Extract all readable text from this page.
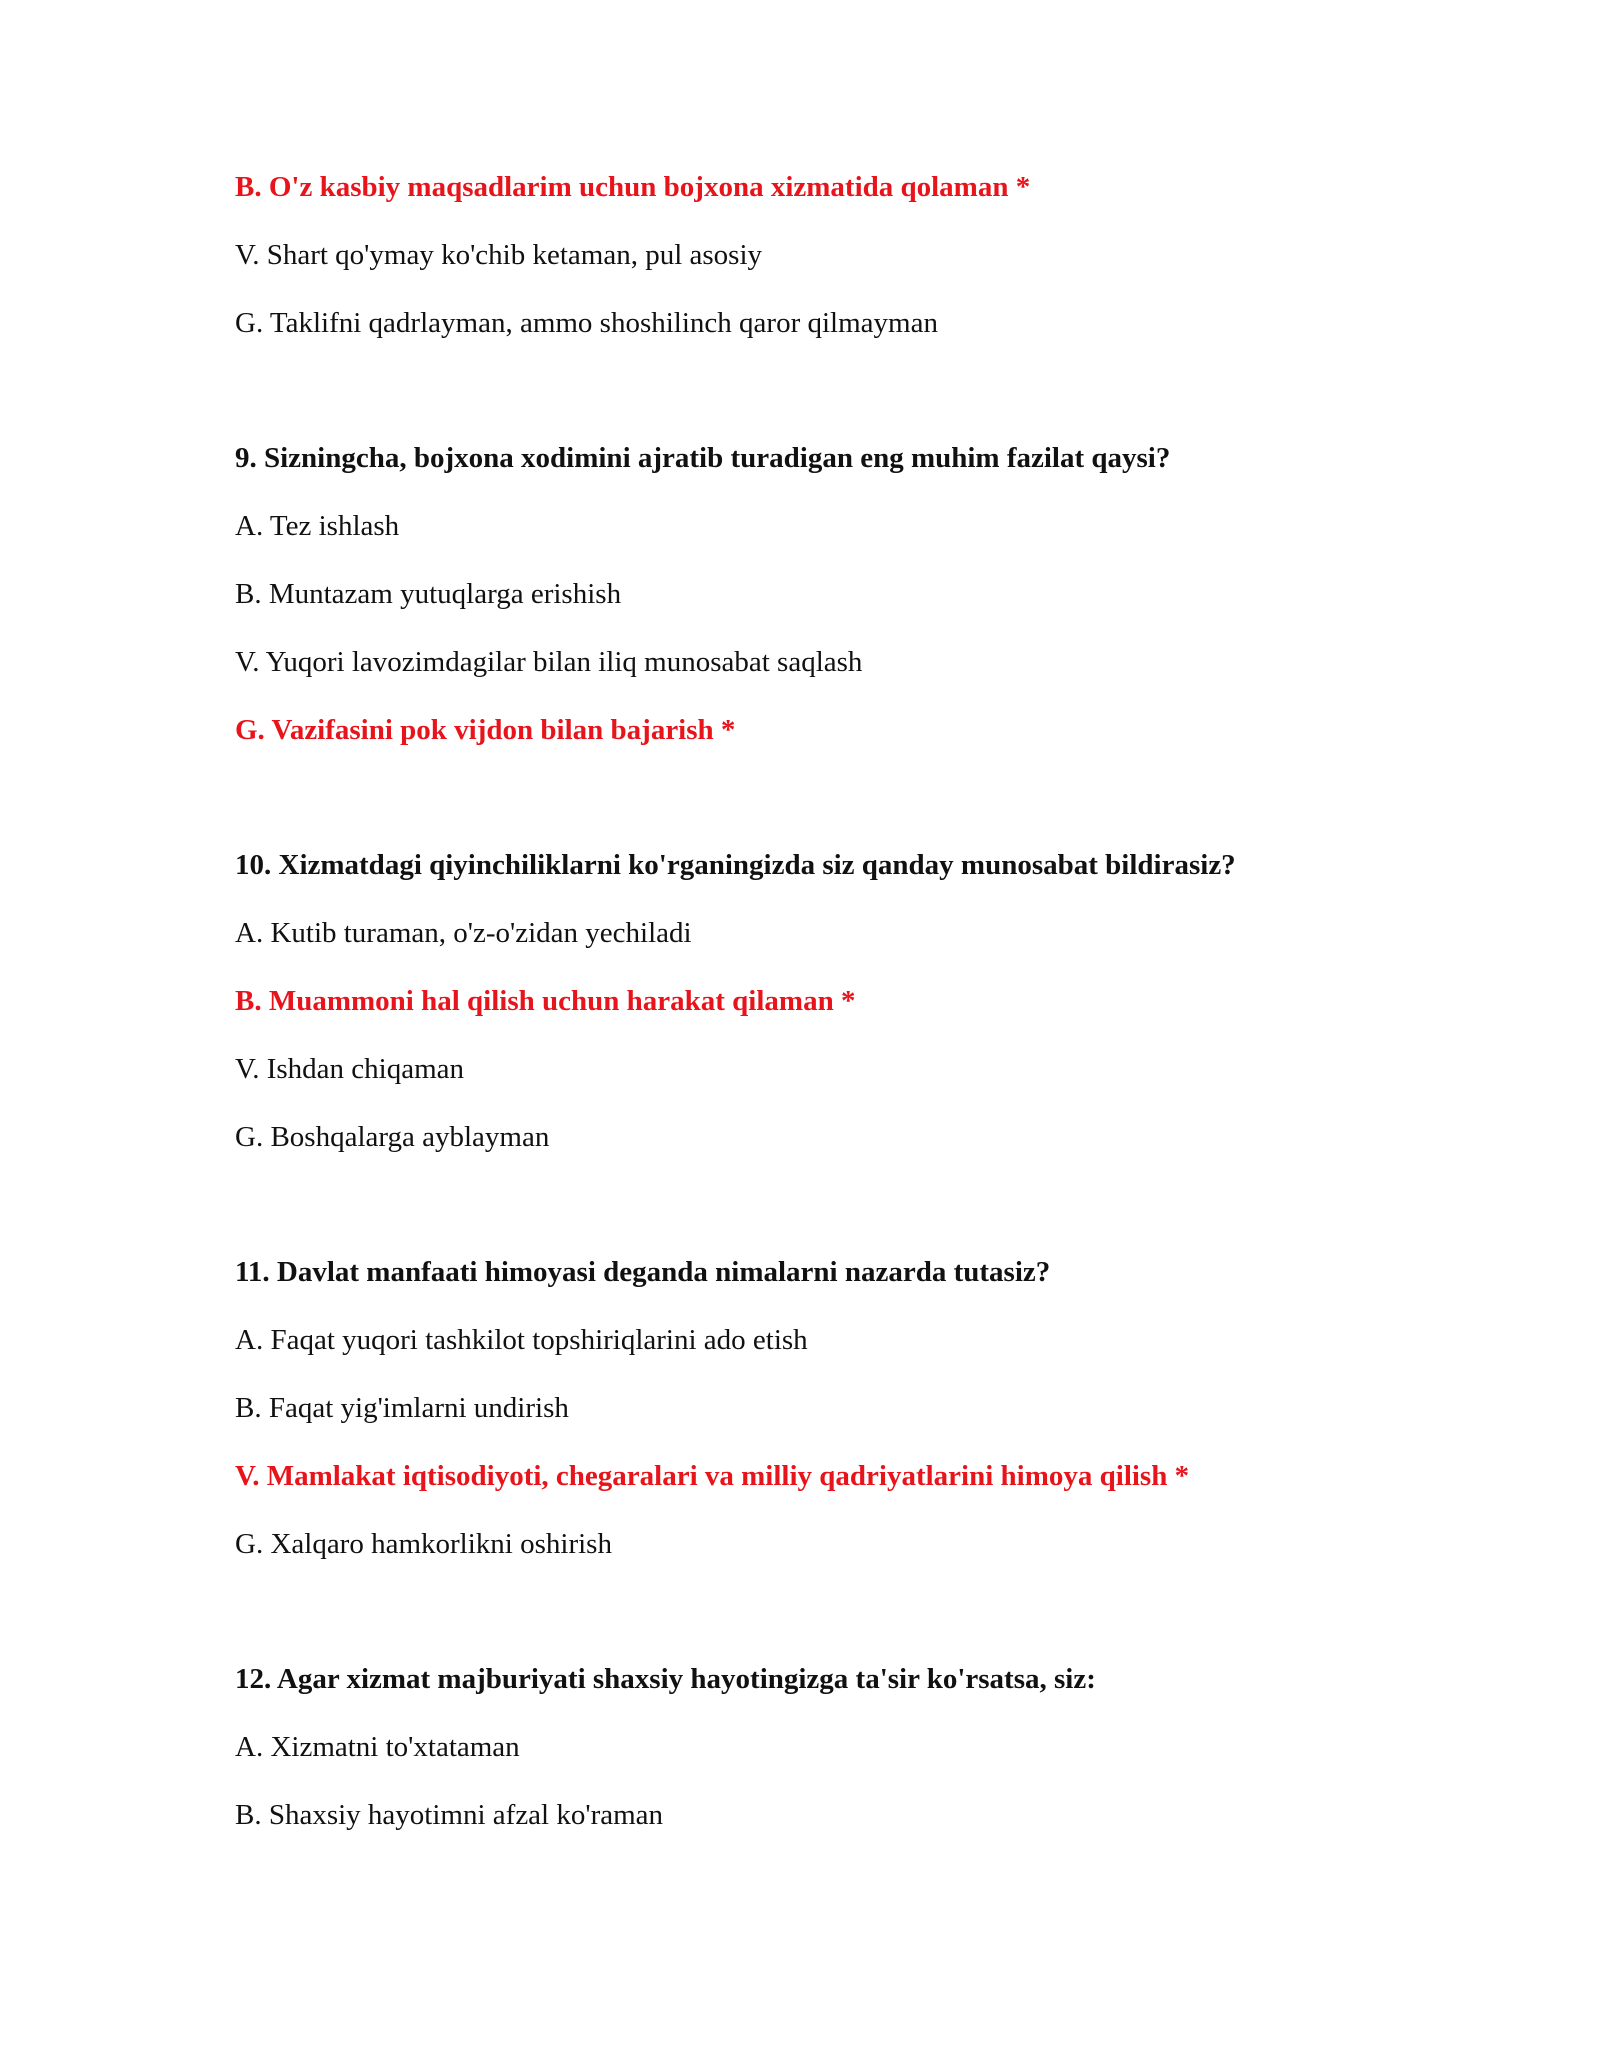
B. O'z kasbiy maqsadlarim uchun bojxona xizmatida qolaman *
V. Shart qo'ymay ko'chib ketaman, pul asosiy
G. Taklifni qadrlayman, ammo shoshilinch qaror qilmayman
9. Sizningcha, bojxona xodimini ajratib turadigan eng muhim fazilat qaysi?
A. Tez ishlash
B. Muntazam yutuqlarga erishish
V. Yuqori lavozimdagilar bilan iliq munosabat saqlash
G. Vazifasini pok vijdon bilan bajarish *
10. Xizmatdagi qiyinchiliklarni ko'rganingizda siz qanday munosabat bildirasiz?
A. Kutib turaman, o'z-o'zidan yechiladi
B. Muammoni hal qilish uchun harakat qilaman *
V. Ishdan chiqaman
G. Boshqalarga ayblayman
11. Davlat manfaati himoyasi deganda nimalarni nazarda tutasiz?
A. Faqat yuqori tashkilot topshiriqlarini ado etish
B. Faqat yig'imlarni undirish
V. Mamlakat iqtisodiyoti, chegaralari va milliy qadriyatlarini himoya qilish *
G. Xalqaro hamkorlikni oshirish
12. Agar xizmat majburiyati shaxsiy hayotingizga ta'sir ko'rsatsa, siz:
A. Xizmatni to'xtataman
B. Shaxsiy hayotimni afzal ko'raman
